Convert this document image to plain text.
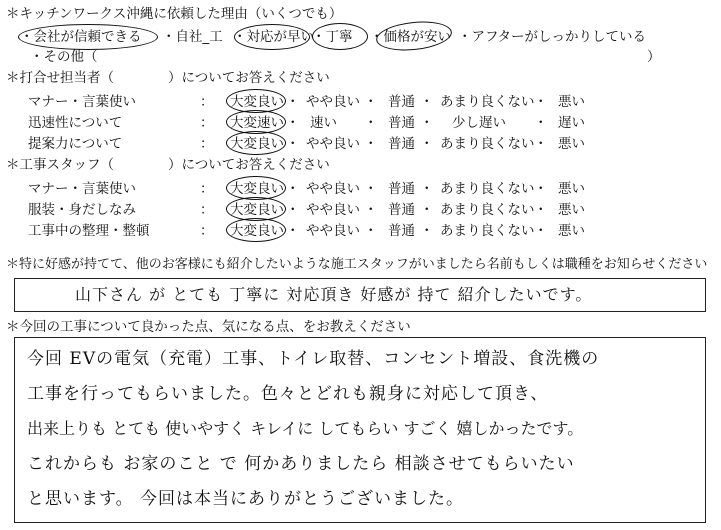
＊キッチンワークス沖縄に依頼した理由（いくつでも）
・会社が信頼できる ・自社_工 ・対応が早い
・丁寧 ・価格が安い ・アフターがしっかりしている
・その他（	）
＊打合せ担当者（　　　　）についてお答えください
マナー・言葉使い	： 大変良い ・ やや良い ・ 普通 ・ あまり良くない ・ 悪い
迅速性について	： 大変速い ・ 速い ・ 普通 ・ 少し遅い ・ 遅い
提案力について	： 大変良い ・ やや良い ・ 普通 ・ あまり良くない ・ 悪い
＊工事スタッフ（　　　　）についてお答えください
マナー・言葉使い	： 大変良い ・ やや良い ・ 普通 ・ あまり良くない ・ 悪い
服装・身だしなみ	： 大変良い ・ やや良い ・ 普通 ・ あまり良くない ・ 悪い
工事中の整理・整頓	： 大変良い ・ やや良い ・ 普通 ・ あまり良くない ・ 悪い
＊特に好感が持てて、他のお客様にも紹介したいような施工スタッフがいましたら名前もしくは職種をお知らせください
山下さん が とても 丁寧に 対応頂き 好感が 持て 紹介したいです。
＊今回の工事について良かった点、気になる点、をお教えください
今回 EVの電気（充電）工事、トイレ取替、コンセント増設、食洗機の
工事を行ってもらいました。色々とどれも親身に対応して頂き、
出来上りも とても 使いやすく キレイに してもらい すごく 嬉しかったです。
これからも お家のこと で 何かありましたら 相談させてもらいたい
と思います。 今回は本当にありがとうございました。
